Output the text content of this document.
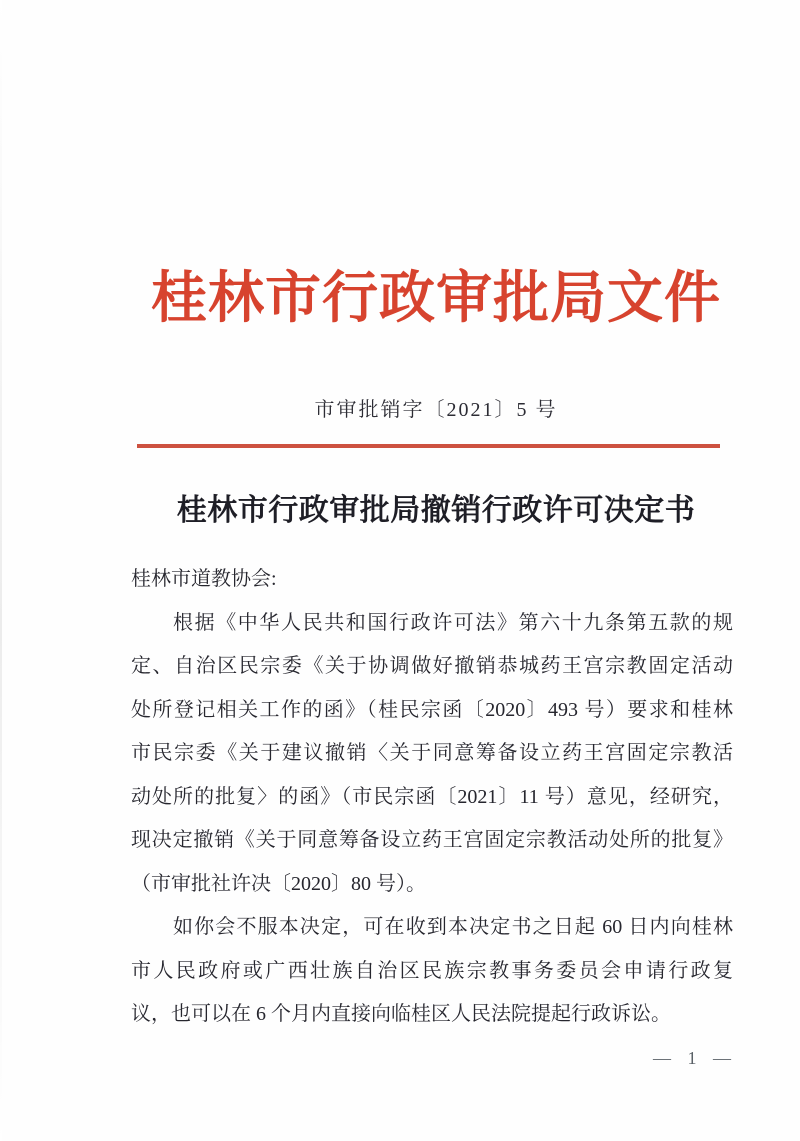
桂林市行政审批局文件
市审批销字〔2021〕5 号
桂林市行政审批局撤销行政许可决定书
桂林市道教协会:
根据《中华人民共和国行政许可法》第六十九条第五款的规
定、自治区民宗委《关于协调做好撤销恭城药王宫宗教固定活动
处所登记相关工作的函》（桂民宗函〔2020〕493 号）要求和桂林
市民宗委《关于建议撤销〈关于同意筹备设立药王宫固定宗教活
动处所的批复〉的函》（市民宗函〔2021〕11 号）意见，经研究，
现决定撤销《关于同意筹备设立药王宫固定宗教活动处所的批复》
（市审批社许决〔2020〕80 号）。
如你会不服本决定，可在收到本决定书之日起 60 日内向桂林
市人民政府或广西壮族自治区民族宗教事务委员会申请行政复
议，也可以在 6 个月内直接向临桂区人民法院提起行政诉讼。
— 1 —
